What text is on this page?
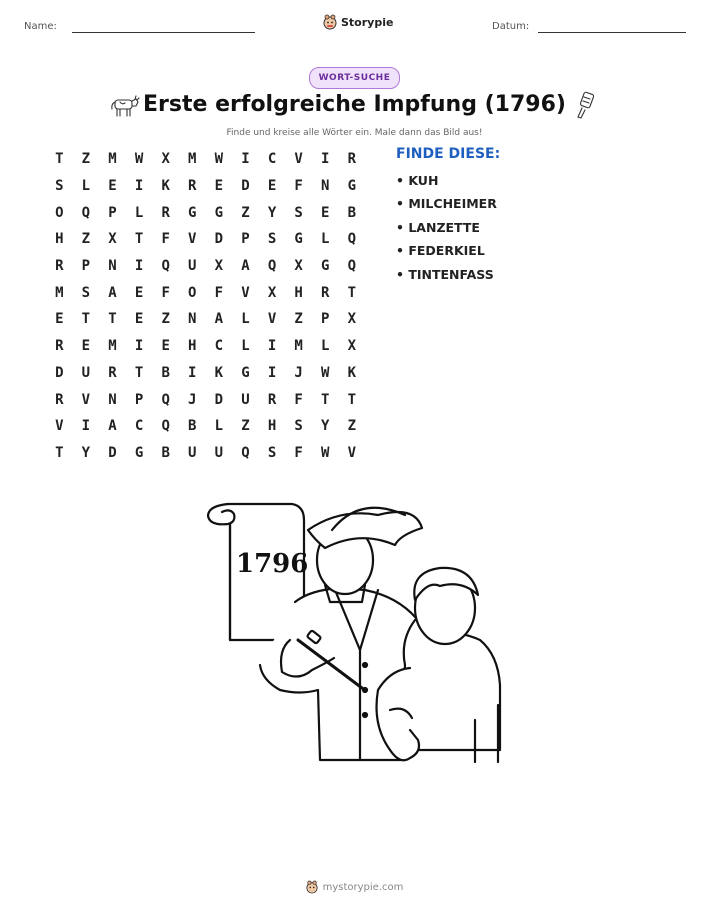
Name:	Storypie	Datum:
WORT-SUCHE
Erste erfolgreiche Impfung (1796)
Finde und kreise alle Wörter ein. Male dann das Bild aus!
T	Z	M	W	X	M	W	I	C	V	I	R
S	L	E	I	K	R	E	D	E	F	N	G
O	Q	P	L	R	G	G	Z	Y	S	E	B
H	Z	X	T	F	V	D	P	S	G	L	Q
R	P	N	I	Q	U	X	A	Q	X	G	Q
M	S	A	E	F	O	F	V	X	H	R	T
E	T	T	E	Z	N	A	L	V	Z	P	X
R	E	M	I	E	H	C	L	I	M	L	X
D	U	R	T	B	I	K	G	I	J	W	K
R	V	N	P	Q	J	D	U	R	F	T	T
V	I	A	C	Q	B	L	Z	H	S	Y	Z
T	Y	D	G	B	U	U	Q	S	F	W	V
FINDE DIESE:
• KUH
• MILCHEIMER
• LANZETTE
• FEDERKIEL
• TINTENFASS
1796
mystorypie.com
